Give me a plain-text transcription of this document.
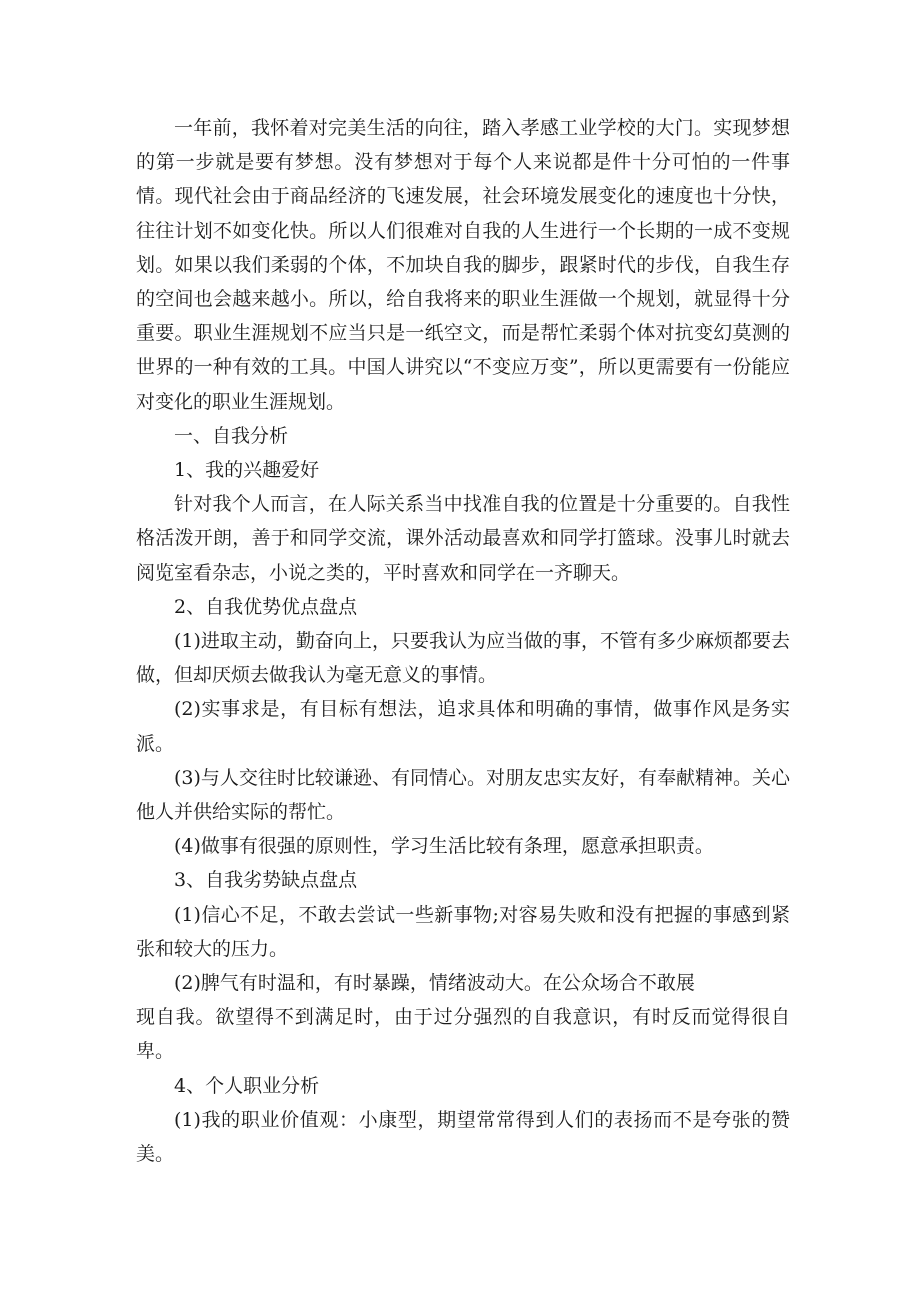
一年前，我怀着对完美生活的向往，踏入孝感工业学校的大门。实现梦想的第一步就是要有梦想。没有梦想对于每个人来说都是件十分可怕的一件事情。现代社会由于商品经济的飞速发展，社会环境发展变化的速度也十分快，往往计划不如变化快。所以人们很难对自我的人生进行一个长期的一成不变规划。如果以我们柔弱的个体，不加块自我的脚步，跟紧时代的步伐，自我生存的空间也会越来越小。所以，给自我将来的职业生涯做一个规划，就显得十分重要。职业生涯规划不应当只是一纸空文，而是帮忙柔弱个体对抗变幻莫测的世界的一种有效的工具。中国人讲究以“不变应万变”，所以更需要有一份能应对变化的职业生涯规划。

一、自我分析

1、我的兴趣爱好

针对我个人而言，在人际关系当中找准自我的位置是十分重要的。自我性格活泼开朗，善于和同学交流，课外活动最喜欢和同学打篮球。没事儿时就去阅览室看杂志，小说之类的，平时喜欢和同学在一齐聊天。

2、自我优势优点盘点

(1)进取主动，勤奋向上，只要我认为应当做的事，不管有多少麻烦都要去做，但却厌烦去做我认为毫无意义的事情。

(2)实事求是，有目标有想法，追求具体和明确的事情，做事作风是务实派。

(3)与人交往时比较谦逊、有同情心。对朋友忠实友好，有奉献精神。关心他人并供给实际的帮忙。

(4)做事有很强的原则性，学习生活比较有条理，愿意承担职责。

3、自我劣势缺点盘点

(1)信心不足，不敢去尝试一些新事物;对容易失败和没有把握的事感到紧张和较大的压力。

(2)脾气有时温和，有时暴躁，情绪波动大。在公众场合不敢展

现自我。欲望得不到满足时，由于过分强烈的自我意识，有时反而觉得很自卑。

4、个人职业分析

(1)我的职业价值观：小康型，期望常常得到人们的表扬而不是夸张的赞美。
